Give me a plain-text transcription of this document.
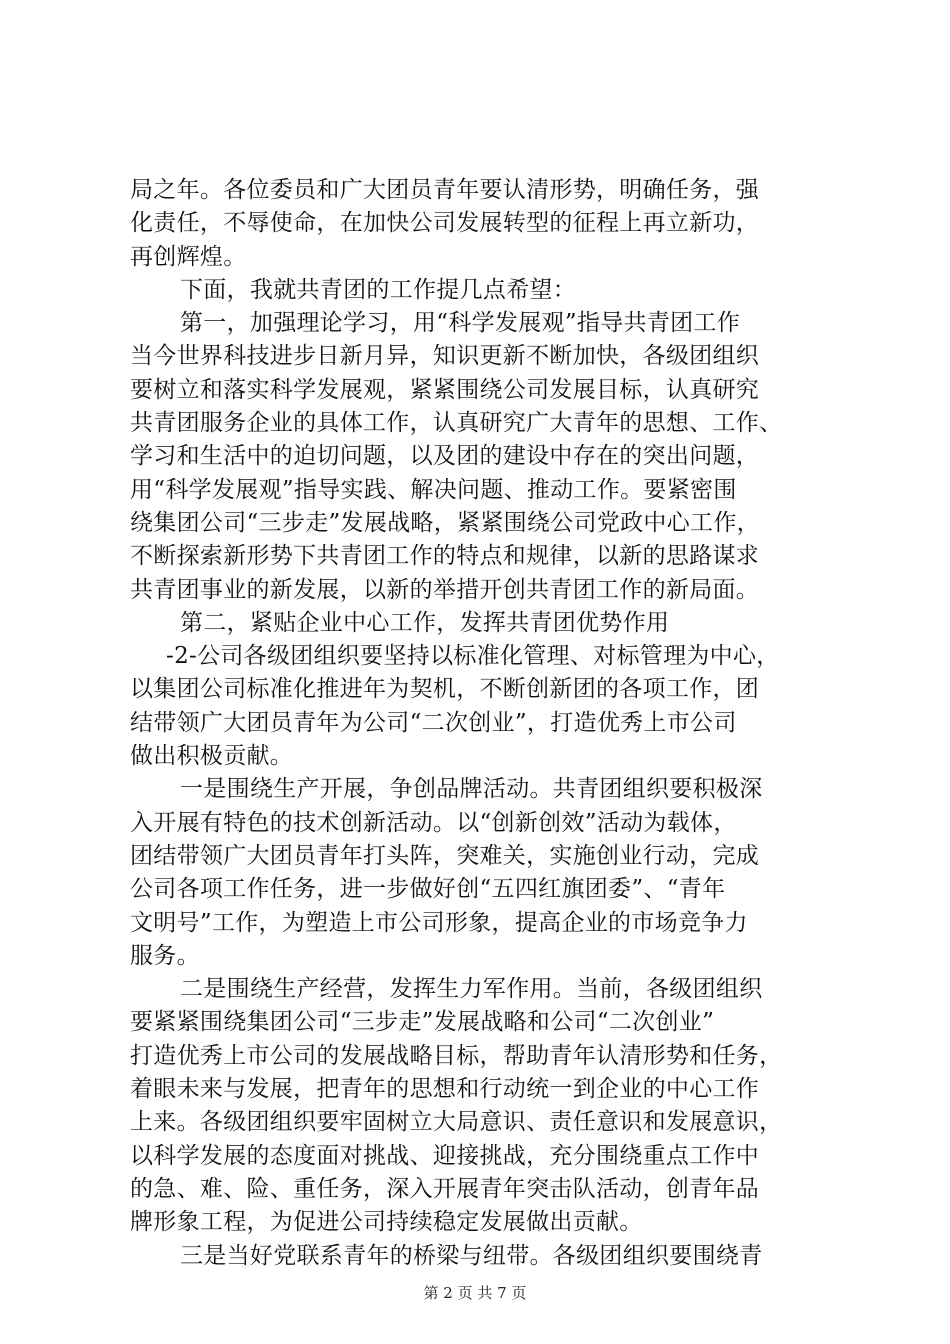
局之年。各位委员和广大团员青年要认清形势，明确任务，强
化责任，不辱使命，在加快公司发展转型的征程上再立新功，
再创辉煌。
下面，我就共青团的工作提几点希望：
第一，加强理论学习，用“科学发展观”指导共青团工作
当今世界科技进步日新月异，知识更新不断加快，各级团组织
要树立和落实科学发展观，紧紧围绕公司发展目标，认真研究
共青团服务企业的具体工作，认真研究广大青年的思想、工作、
学习和生活中的迫切问题，以及团的建设中存在的突出问题，
用“科学发展观”指导实践、解决问题、推动工作。要紧密围
绕集团公司“三步走”发展战略，紧紧围绕公司党政中心工作，
不断探索新形势下共青团工作的特点和规律，以新的思路谋求
共青团事业的新发展，以新的举措开创共青团工作的新局面。
第二，紧贴企业中心工作，发挥共青团优势作用
-2-公司各级团组织要坚持以标准化管理、对标管理为中心，
以集团公司标准化推进年为契机，不断创新团的各项工作，团
结带领广大团员青年为公司“二次创业”，打造优秀上市公司
做出积极贡献。
一是围绕生产开展，争创品牌活动。共青团组织要积极深
入开展有特色的技术创新活动。以“创新创效”活动为载体，
团结带领广大团员青年打头阵，突难关，实施创业行动，完成
公司各项工作任务，进一步做好创“五四红旗团委”、“青年
文明号”工作，为塑造上市公司形象，提高企业的市场竞争力
服务。
二是围绕生产经营，发挥生力军作用。当前，各级团组织
要紧紧围绕集团公司“三步走”发展战略和公司“二次创业”
打造优秀上市公司的发展战略目标，帮助青年认清形势和任务，
着眼未来与发展，把青年的思想和行动统一到企业的中心工作
上来。各级团组织要牢固树立大局意识、责任意识和发展意识，
以科学发展的态度面对挑战、迎接挑战，充分围绕重点工作中
的急、难、险、重任务，深入开展青年突击队活动，创青年品
牌形象工程，为促进公司持续稳定发展做出贡献。
三是当好党联系青年的桥梁与纽带。各级团组织要围绕青
第 2 页 共 7 页
